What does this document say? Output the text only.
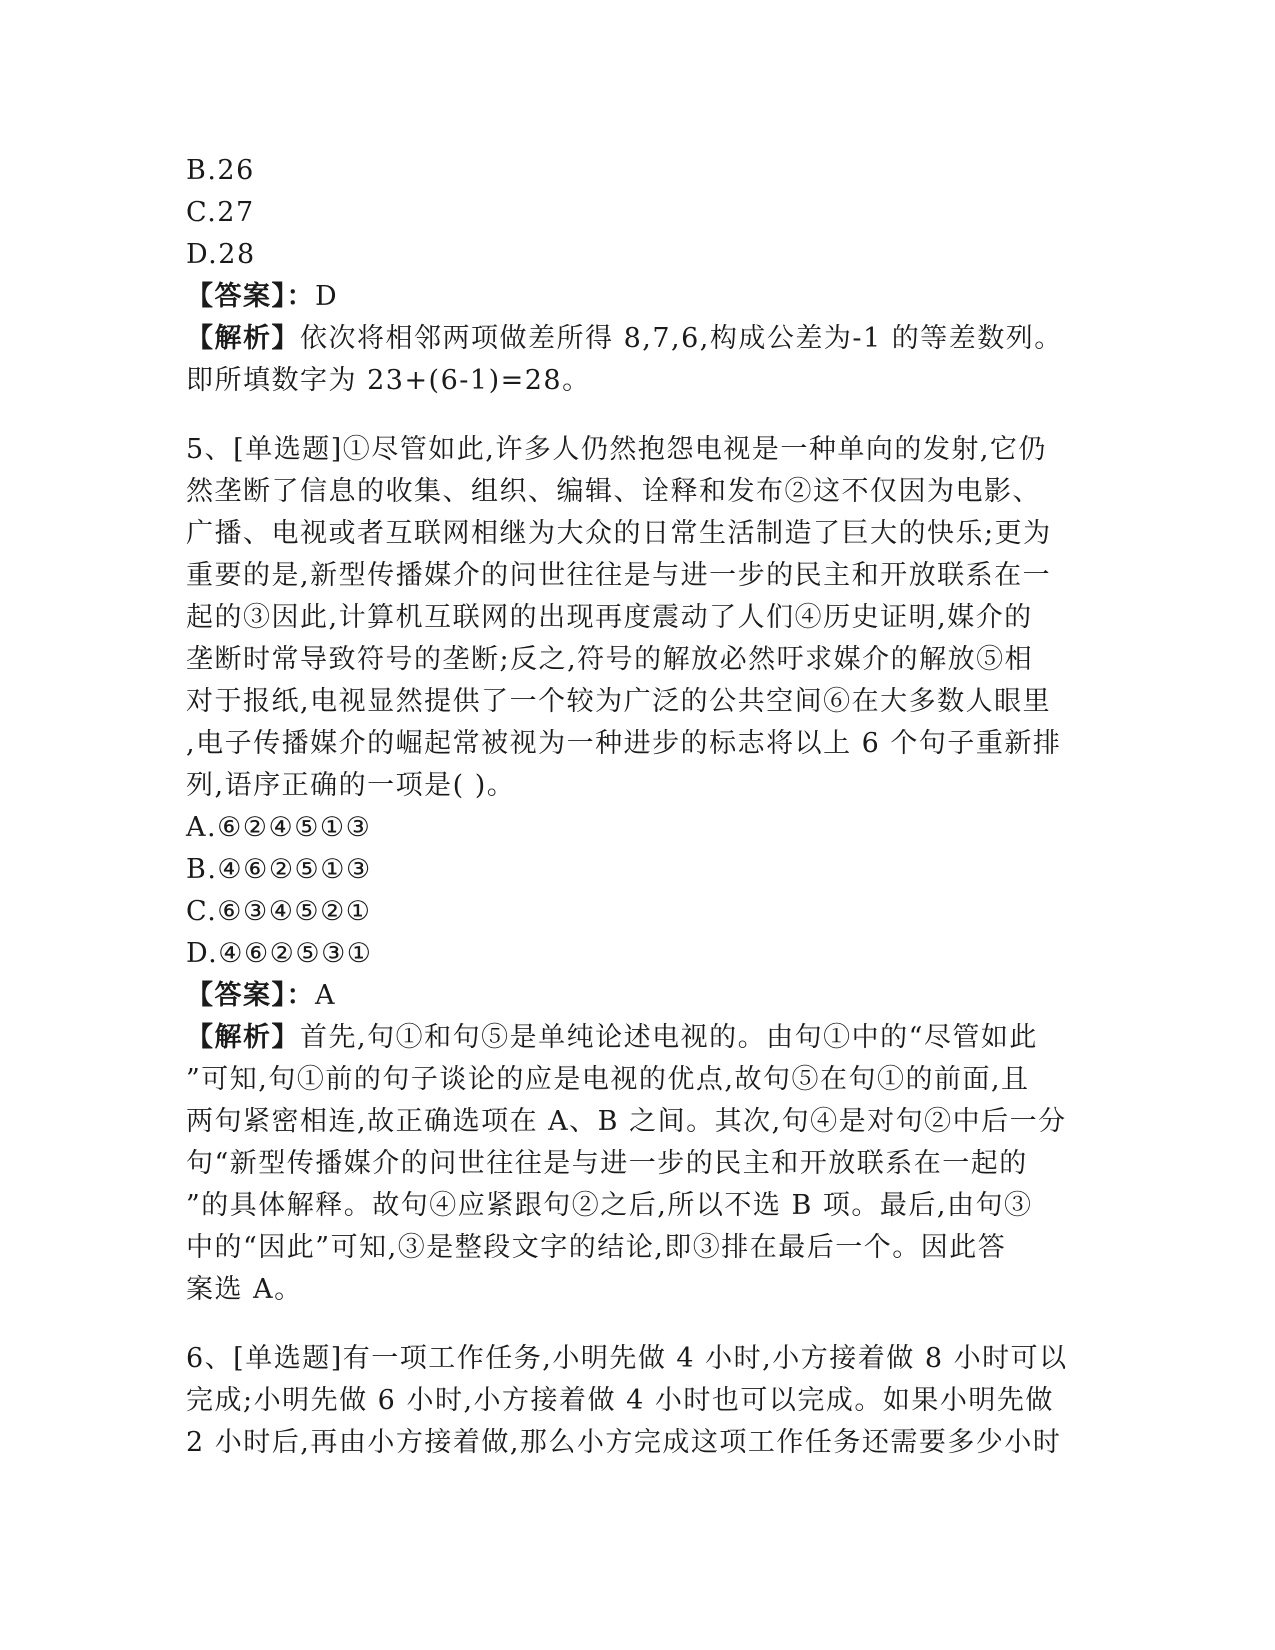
B.26
C.27
D.28
【答案】：D
【解析】依次将相邻两项做差所得 8,7,6,构成公差为-1 的等差数列。
即所填数字为 23+(6-1)=28。
5、[单选题]①尽管如此,许多人仍然抱怨电视是一种单向的发射,它仍
然垄断了信息的收集、组织、编辑、诠释和发布②这不仅因为电影、
广播、电视或者互联网相继为大众的日常生活制造了巨大的快乐;更为
重要的是,新型传播媒介的问世往往是与进一步的民主和开放联系在一
起的③因此,计算机互联网的出现再度震动了人们④历史证明,媒介的
垄断时常导致符号的垄断;反之,符号的解放必然吁求媒介的解放⑤相
对于报纸,电视显然提供了一个较为广泛的公共空间⑥在大多数人眼里
,电子传播媒介的崛起常被视为一种进步的标志将以上 6 个句子重新排
列,语序正确的一项是( )。
A.⑥②④⑤①③
B.④⑥②⑤①③
C.⑥③④⑤②①
D.④⑥②⑤③①
【答案】：A
【解析】首先,句①和句⑤是单纯论述电视的。由句①中的“尽管如此
”可知,句①前的句子谈论的应是电视的优点,故句⑤在句①的前面,且
两句紧密相连,故正确选项在 A、B 之间。其次,句④是对句②中后一分
句“新型传播媒介的问世往往是与进一步的民主和开放联系在一起的
”的具体解释。故句④应紧跟句②之后,所以不选 B 项。最后,由句③
中的“因此”可知,③是整段文字的结论,即③排在最后一个。因此答
案选 A。
6、[单选题]有一项工作任务,小明先做 4 小时,小方接着做 8 小时可以
完成;小明先做 6 小时,小方接着做 4 小时也可以完成。如果小明先做
2 小时后,再由小方接着做,那么小方完成这项工作任务还需要多少小时
